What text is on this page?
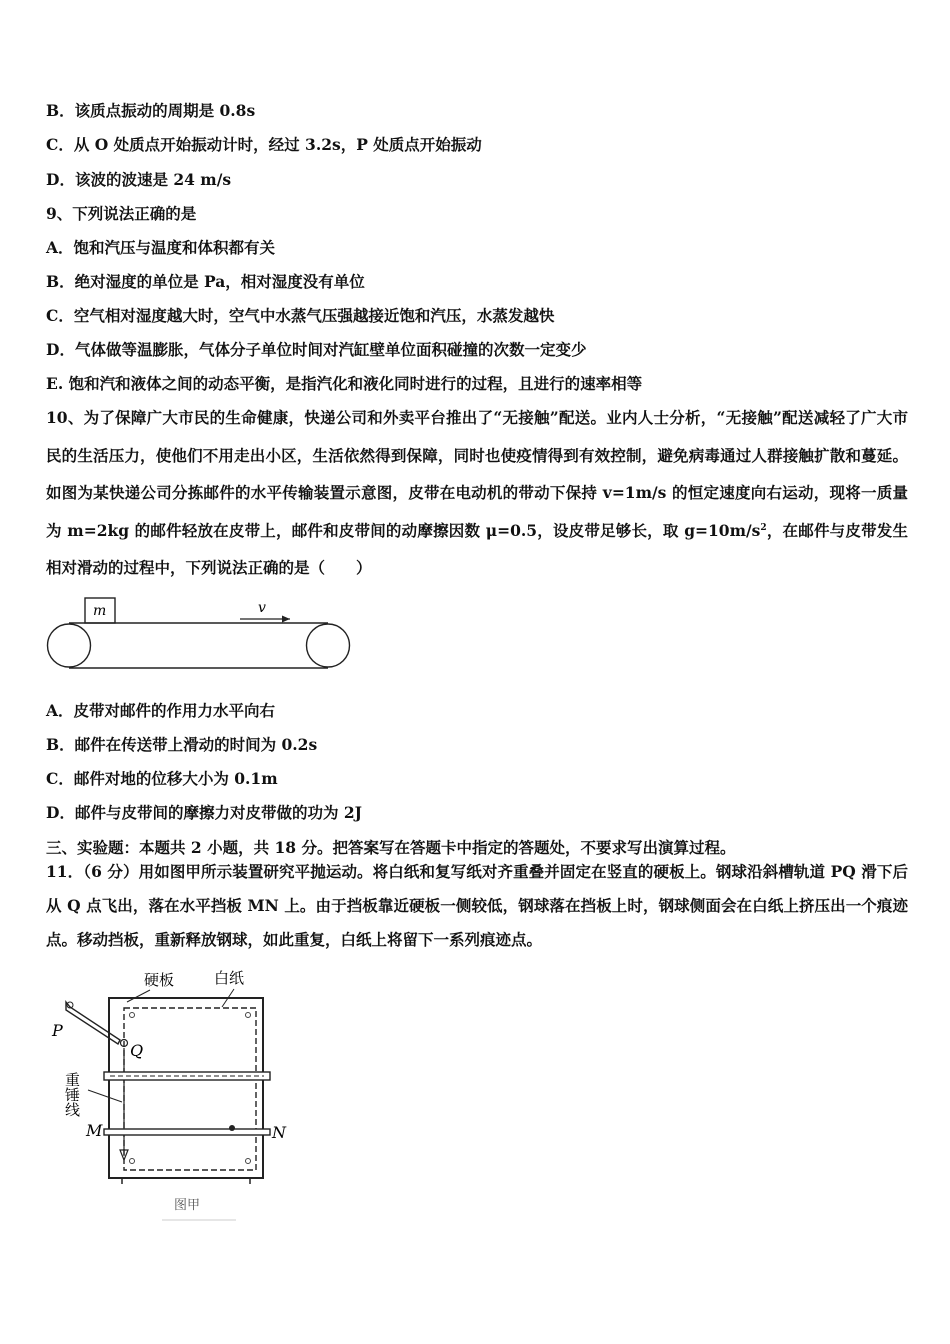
B．该质点振动的周期是 0.8s
C．从 O 处质点开始振动计时，经过 3.2s，P 处质点开始振动
D．该波的波速是 24 m/s
9、下列说法正确的是
A．饱和汽压与温度和体积都有关
B．绝对湿度的单位是 Pa，相对湿度没有单位
C．空气相对湿度越大时，空气中水蒸气压强越接近饱和汽压，水蒸发越快
D．气体做等温膨胀，气体分子单位时间对汽缸壁单位面积碰撞的次数一定变少
E. 饱和汽和液体之间的动态平衡，是指汽化和液化同时进行的过程，且进行的速率相等
10、为了保障广大市民的生命健康，快递公司和外卖平台推出了“无接触”配送。业内人士分析，“无接触”配送减轻了广大市民的生活压力，使他们不用走出小区，生活依然得到保障，同时也使疫情得到有效控制，避免病毒通过人群接触扩散和蔓延。如图为某快递公司分拣邮件的水平传输装置示意图，皮带在电动机的带动下保持 v=1m/s 的恒定速度向右运动，现将一质量为 m=2kg 的邮件轻放在皮带上，邮件和皮带间的动摩擦因数 μ=0.5，设皮带足够长，取 $g=10m/s^2$，在邮件与皮带发生相对滑动的过程中，下列说法正确的是（　　）
m	v
A．皮带对邮件的作用力水平向右
B．邮件在传送带上滑动的时间为 0.2s
C．邮件对地的位移大小为 0.1m
D．邮件与皮带间的摩擦力对皮带做的功为 2J
三、实验题：本题共 2 小题，共 18 分。把答案写在答题卡中指定的答题处，不要求写出演算过程。
11．（6 分）用如图甲所示装置研究平抛运动。将白纸和复写纸对齐重叠并固定在竖直的硬板上。钢球沿斜槽轨道 PQ 滑下后从 Q 点飞出，落在水平挡板 MN 上。由于挡板靠近硬板一侧较低，钢球落在挡板上时，钢球侧面会在白纸上挤压出一个痕迹点。移动挡板，重新释放钢球，如此重复，白纸上将留下一系列痕迹点。
硬板	白纸
P
Q
重锤线
M	N
图甲
